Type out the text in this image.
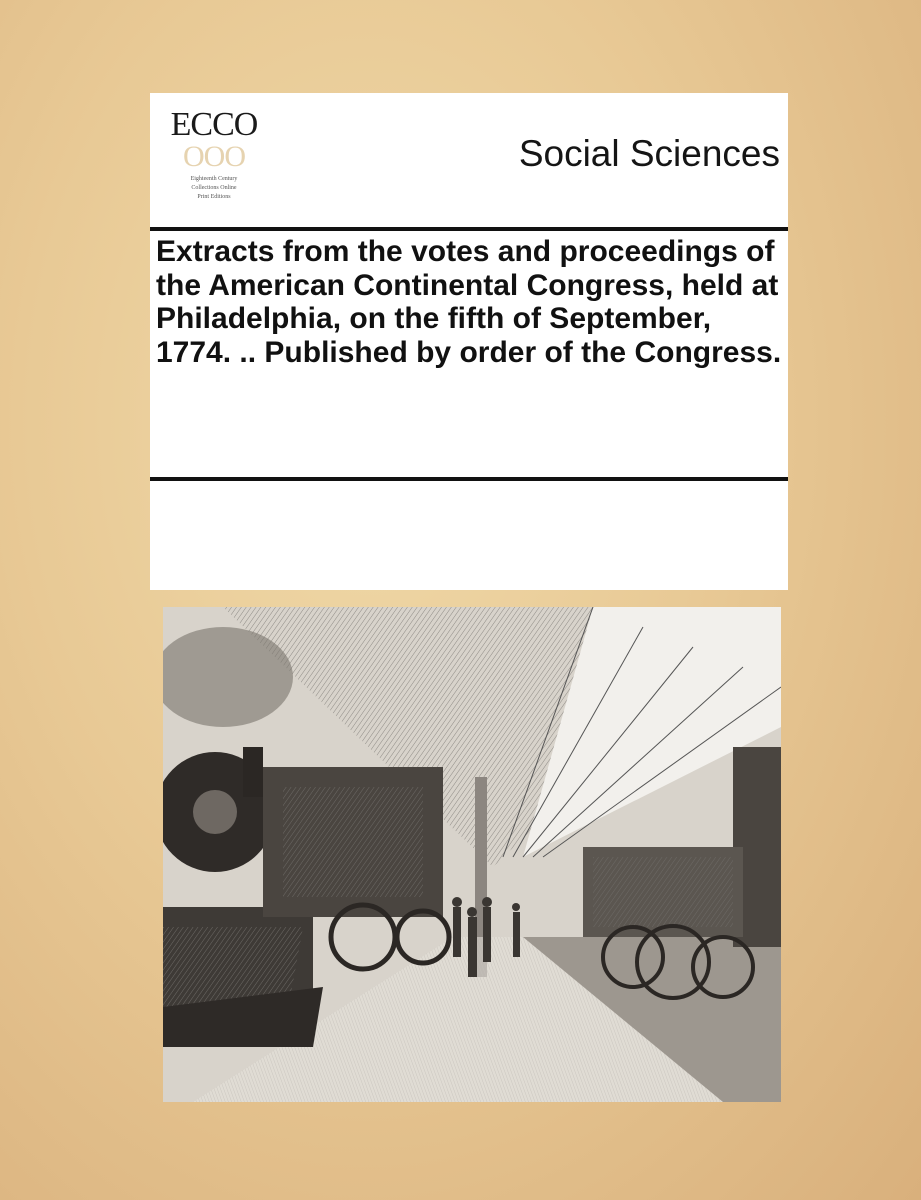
ECCO
OOO
Eighteenth Century
Collections Online
Print Editions
Social Sciences
Extracts from the votes and proceedings of the American Continental Congress, held at Philadelphia, on the fifth of September, 1774. .. Published by order of the Congress.
